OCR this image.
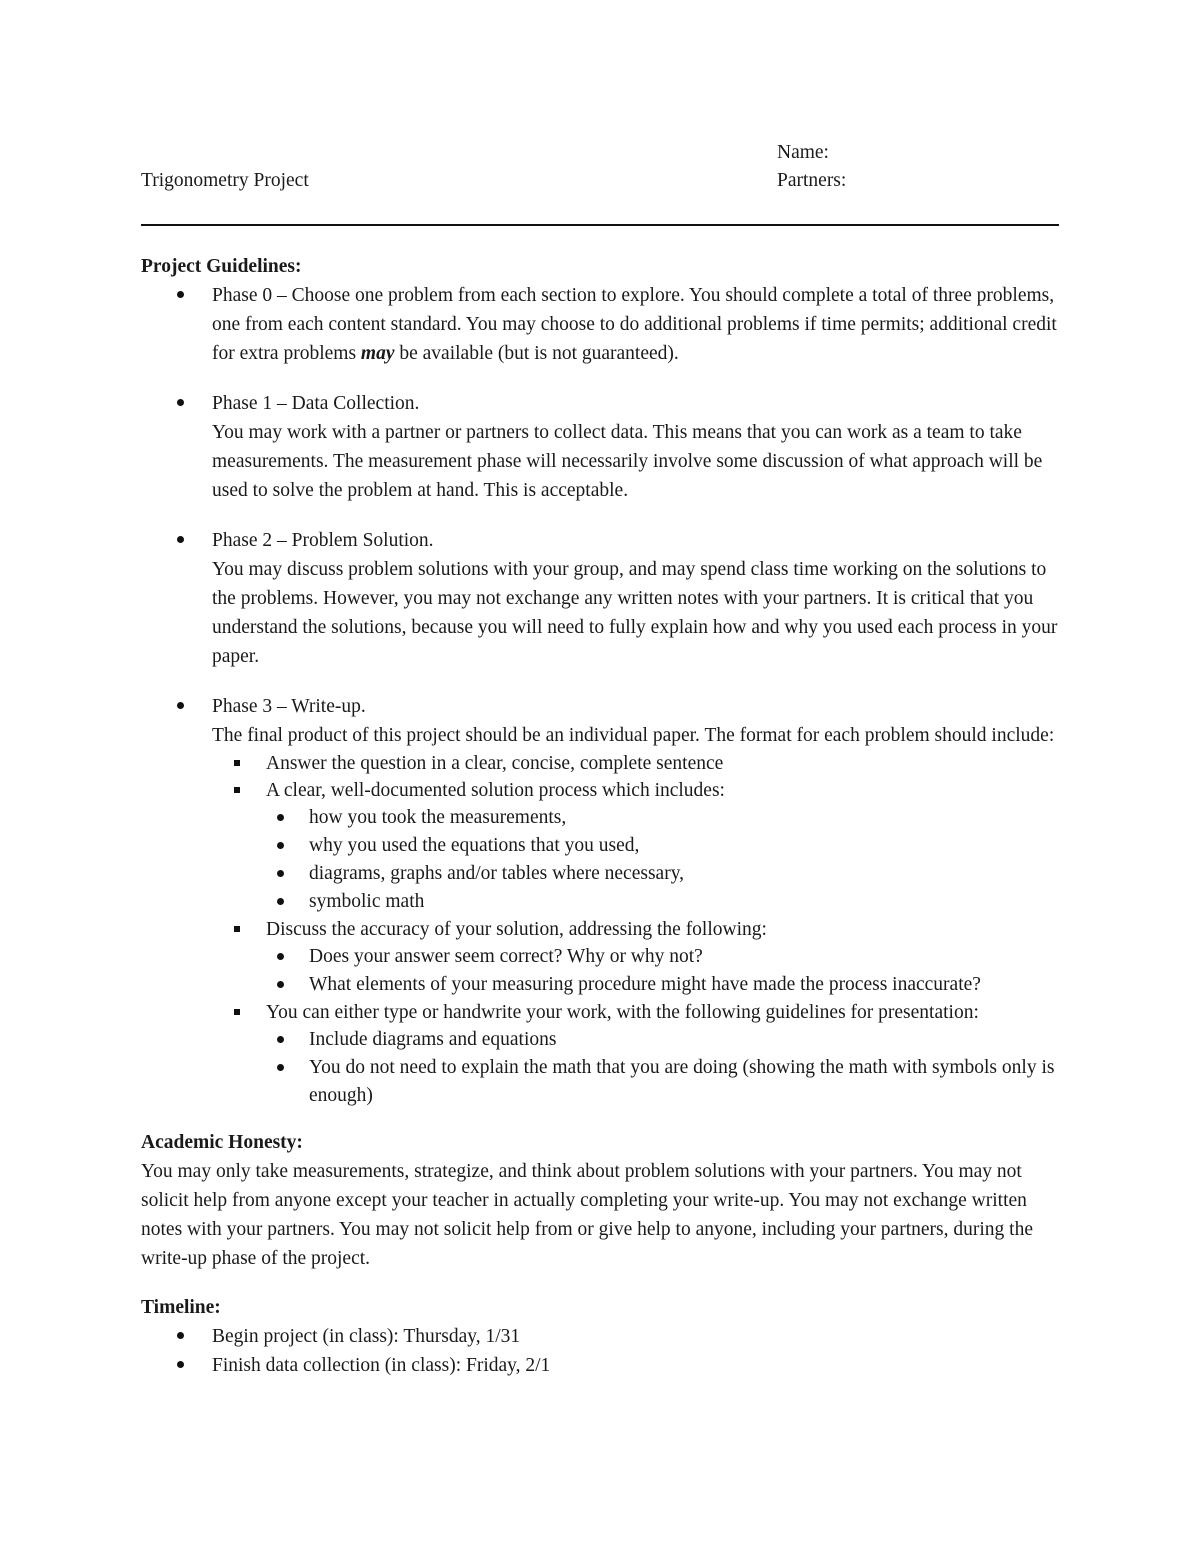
Trigonometry Project
Name:
Partners:

Project Guidelines:

Phase 0 – Choose one problem from each section to explore. You should complete a total of three problems, one from each content standard. You may choose to do additional problems if time permits; additional credit for extra problems may be available (but is not guaranteed).
Phase 1 – Data Collection.
You may work with a partner or partners to collect data. This means that you can work as a team to take measurements. The measurement phase will necessarily involve some discussion of what approach will be used to solve the problem at hand. This is acceptable.
Phase 2 – Problem Solution.
You may discuss problem solutions with your group, and may spend class time working on the solutions to the problems. However, you may not exchange any written notes with your partners. It is critical that you understand the solutions, because you will need to fully explain how and why you used each process in your paper.
Phase 3 – Write-up.
The final product of this project should be an individual paper. The format for each problem should include:
Answer the question in a clear, concise, complete sentence
A clear, well-documented solution process which includes:
how you took the measurements,
why you used the equations that you used,
diagrams, graphs and/or tables where necessary,
symbolic math
Discuss the accuracy of your solution, addressing the following:
Does your answer seem correct? Why or why not?
What elements of your measuring procedure might have made the process inaccurate?
You can either type or handwrite your work, with the following guidelines for presentation:
Include diagrams and equations
You do not need to explain the math that you are doing (showing the math with symbols only is enough)

Academic Honesty:

You may only take measurements, strategize, and think about problem solutions with your partners. You may not solicit help from anyone except your teacher in actually completing your write-up. You may not exchange written notes with your partners. You may not solicit help from or give help to anyone, including your partners, during the write-up phase of the project.

Timeline:

Begin project (in class): Thursday, 1/31
Finish data collection (in class): Friday, 2/1
